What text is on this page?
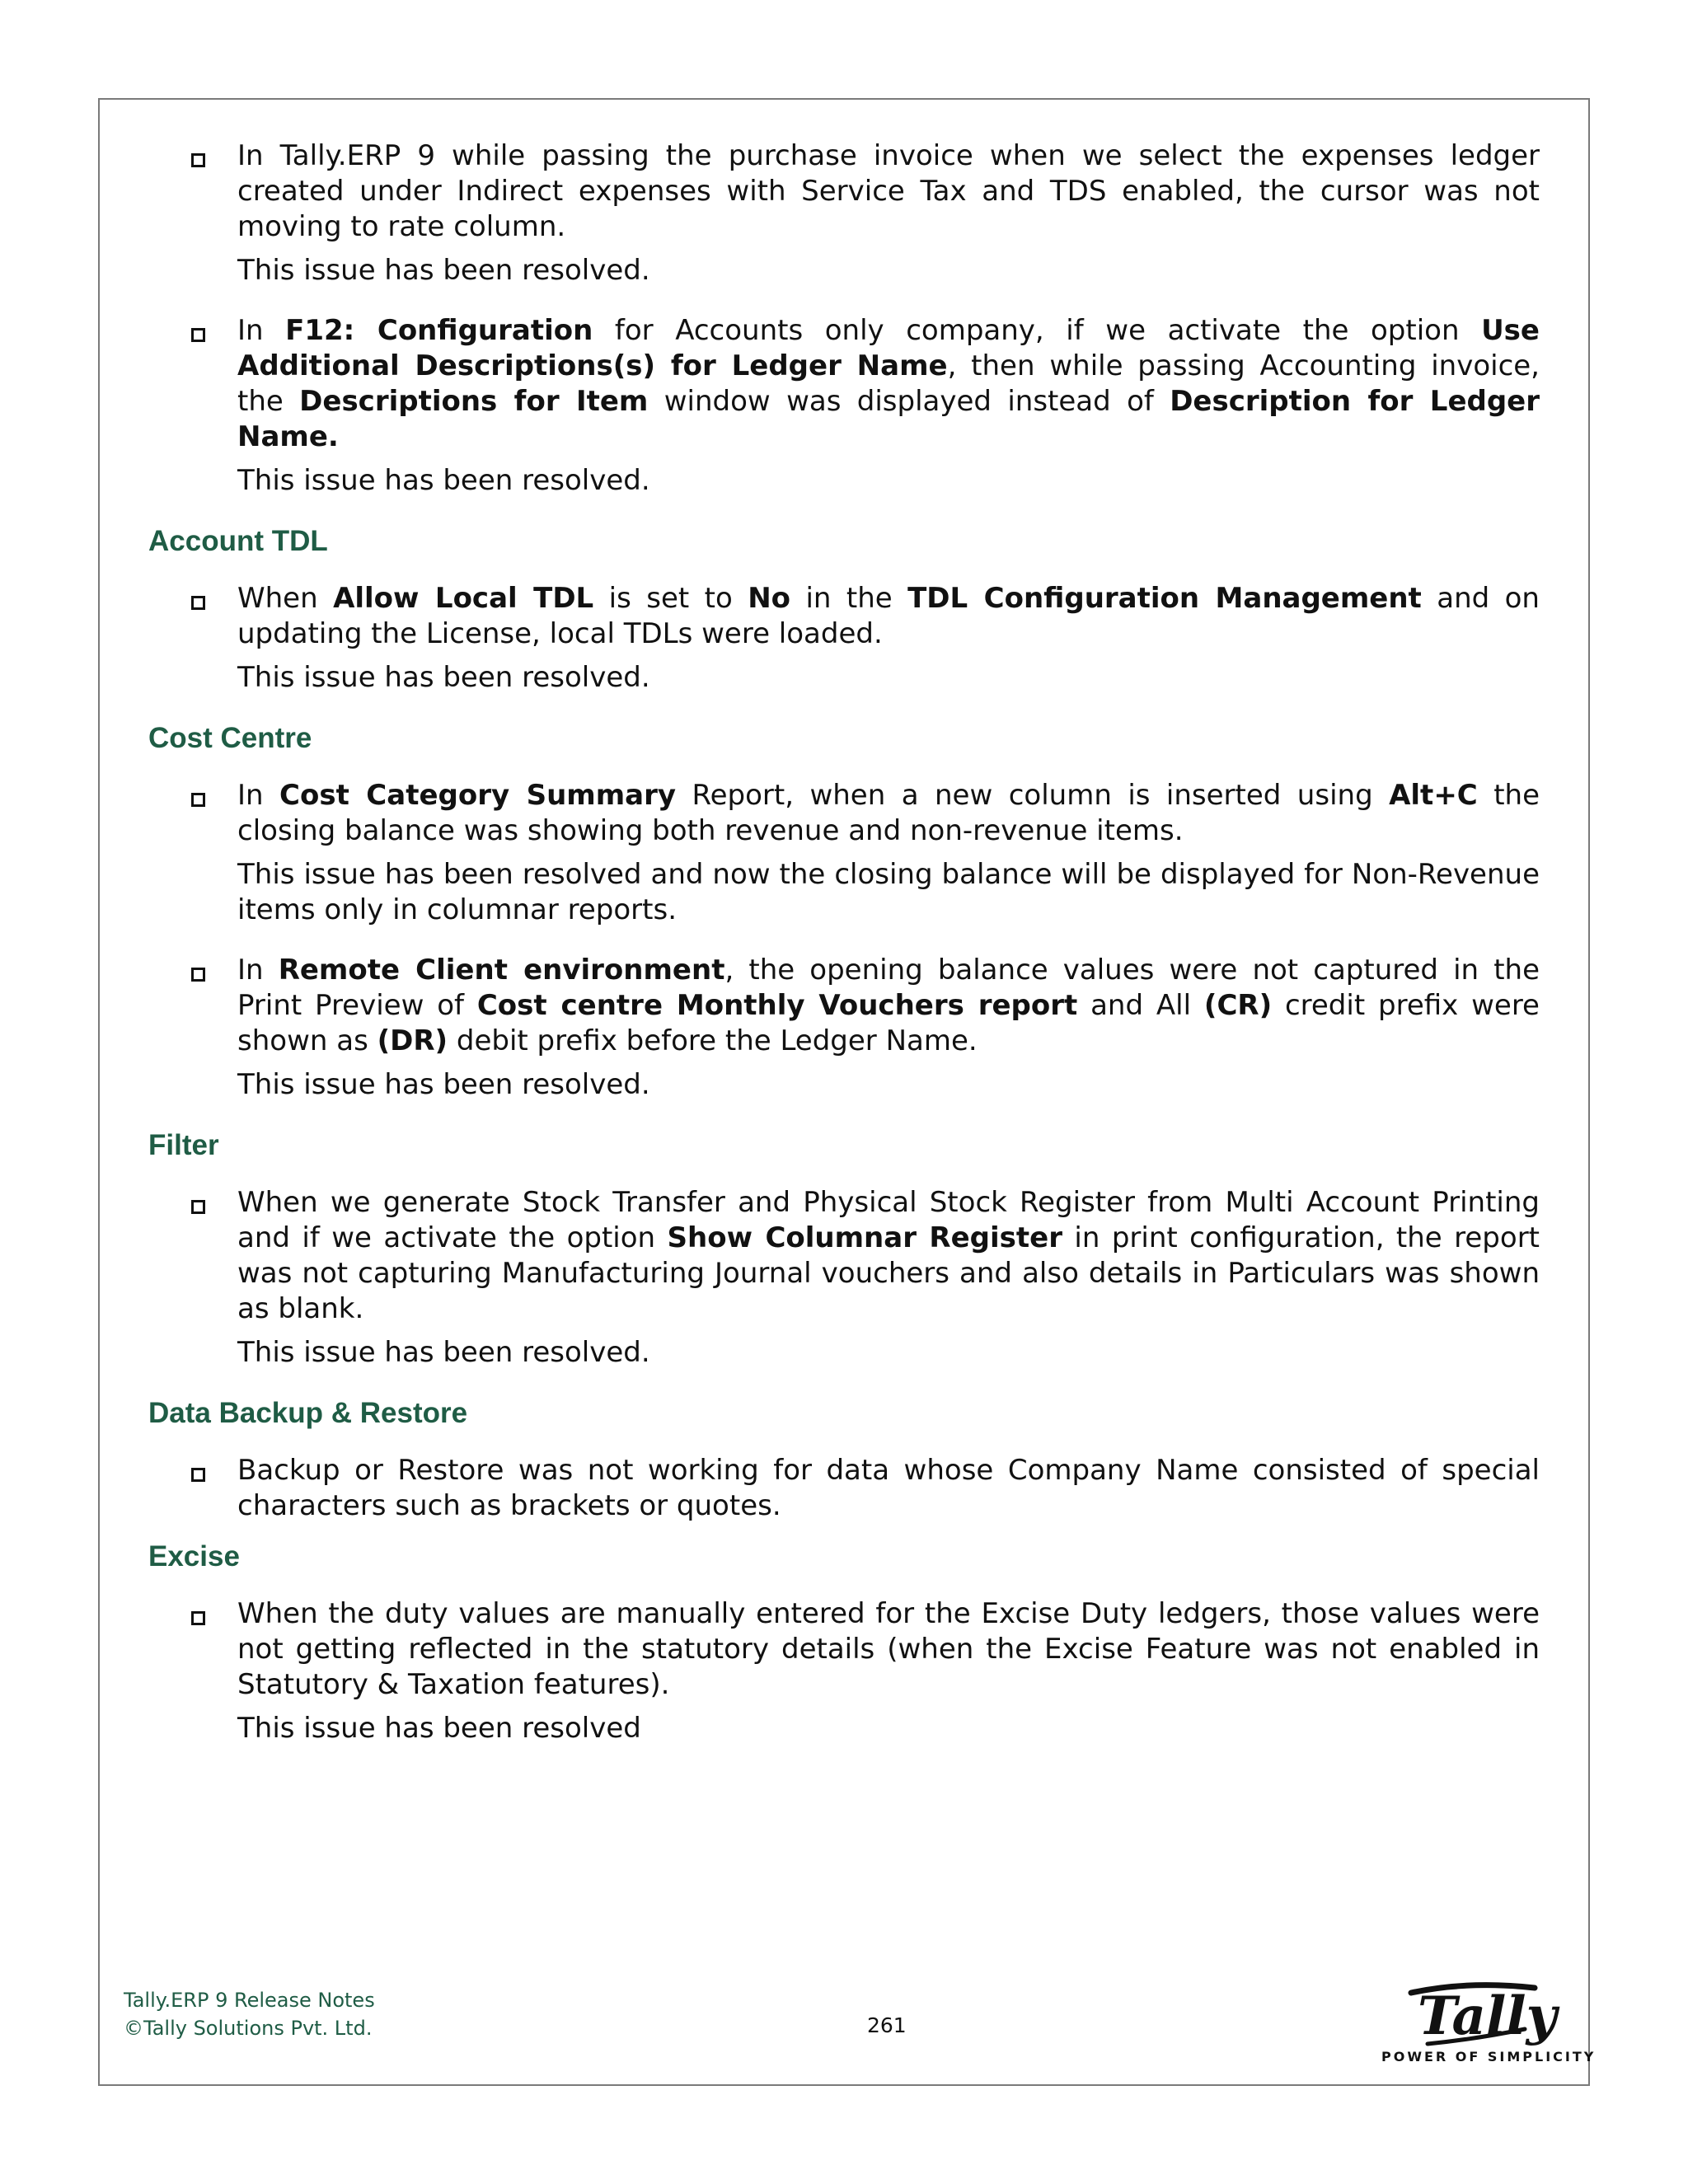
In Tally.ERP 9 while passing the purchase invoice when we select the expenses ledger created under Indirect expenses with Service Tax and TDS enabled, the cursor was not moving to rate column.

This issue has been resolved.

In F12: Configuration for Accounts only company, if we activate the option Use Additional Descriptions(s) for Ledger Name, then while passing Accounting invoice, the Descriptions for Item window was displayed instead of Description for Ledger Name.

This issue has been resolved.

Account TDL

When Allow Local TDL is set to No in the TDL Configuration Management and on updating the License, local TDLs were loaded.

This issue has been resolved.

Cost Centre

In Cost Category Summary Report, when a new column is inserted using Alt+C the closing balance was showing both revenue and non-revenue items.

This issue has been resolved and now the closing balance will be displayed for Non-Revenue items only in columnar reports.

In Remote Client environment, the opening balance values were not captured in the Print Preview of Cost centre Monthly Vouchers report and All (CR) credit prefix were shown as (DR) debit prefix before the Ledger Name.

This issue has been resolved.

Filter

When we generate Stock Transfer and Physical Stock Register from Multi Account Printing and if we activate the option Show Columnar Register in print configuration, the report was not capturing Manufacturing Journal vouchers and also details in Particulars was shown as blank.

This issue has been resolved.

Data Backup & Restore

Backup or Restore was not working for data whose Company Name consisted of special characters such as brackets or quotes.

Excise

When the duty values are manually entered for the Excise Duty ledgers, those values were not getting reflected in the statutory details (when the Excise Feature was not enabled in Statutory & Taxation features).

This issue has been resolved

Tally.ERP 9 Release Notes
©Tally Solutions Pvt. Ltd.	261	Tally
POWER OF SIMPLICITY
